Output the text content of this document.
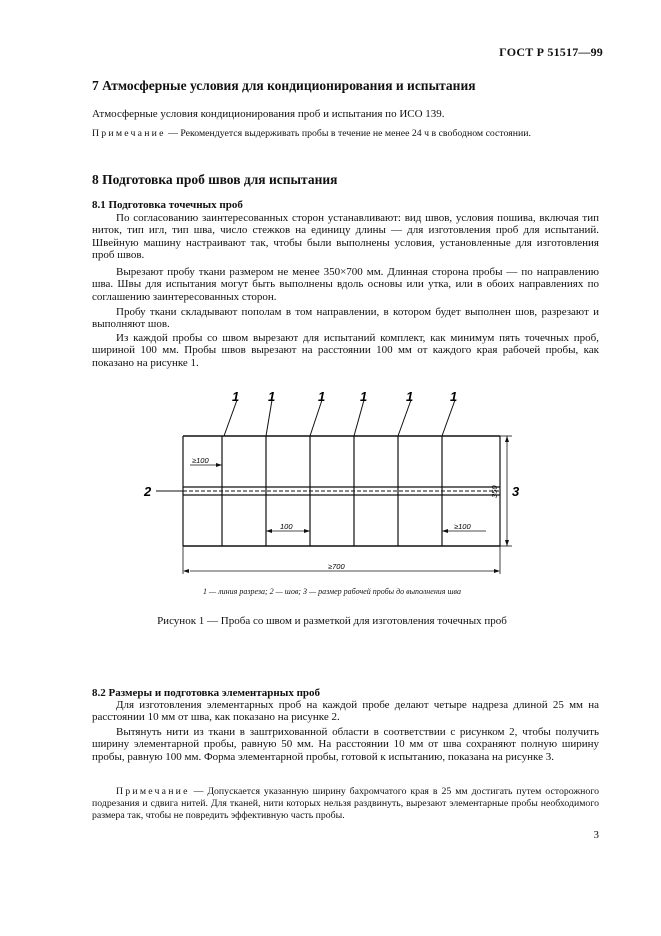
ГОСТ Р 51517—99
7 Атмосферные условия для кондиционирования и испытания
Атмосферные условия кондиционирования проб и испытания по ИСО 139.
Примечание — Рекомендуется выдерживать пробы в течение не менее 24 ч в свободном состоянии.
8 Подготовка проб швов для испытания
8.1 Подготовка точечных проб
По согласованию заинтересованных сторон устанавливают: вид швов, условия пошива, включая тип ниток, тип игл, тип шва, число стежков на единицу длины — для изготовления проб для испытаний. Швейную машину настраивают так, чтобы были выполнены условия, установленные для изготовления проб швов.
Вырезают пробу ткани размером не менее 350×700 мм. Длинная сторона пробы — по направлению шва. Швы для испытания могут быть выполнены вдоль основы или утка, или в обоих направлениях по соглашению заинтересованных сторон.
Пробу ткани складывают пополам в том направлении, в котором будет выполнен шов, разрезают и выполняют шов.
Из каждой пробы со швом вырезают для испытаний комплект, как минимум пять точечных проб, шириной 100 мм. Пробы швов вырезают на расстоянии 100 мм от каждого края рабочей пробы, как показано на рисунке 1.
1 1	1	1	1	1
2	3
≥100
100	≥100
350
≥700
1 — линия разреза; 2 — шов; 3 — размер рабочей пробы до выполнения шва
Рисунок 1 — Проба со швом и разметкой для изготовления точечных проб
8.2 Размеры и подготовка элементарных проб
Для изготовления элементарных проб на каждой пробе делают четыре надреза длиной 25 мм на расстоянии 10 мм от шва, как показано на рисунке 2.
Вытянуть нити из ткани в заштрихованной области в соответствии с рисунком 2, чтобы получить ширину элементарной пробы, равную 50 мм. На расстоянии 10 мм от шва сохраняют полную ширину пробы, равную 100 мм. Форма элементарной пробы, готовой к испытанию, показана на рисунке 3.
Примечание — Допускается указанную ширину бахромчатого края в 25 мм достигать путем осторожного подрезания и сдвига нитей. Для тканей, нити которых нельзя раздвинуть, вырезают элементарные пробы необходимого размера так, чтобы не повредить эффективную часть пробы.
3
